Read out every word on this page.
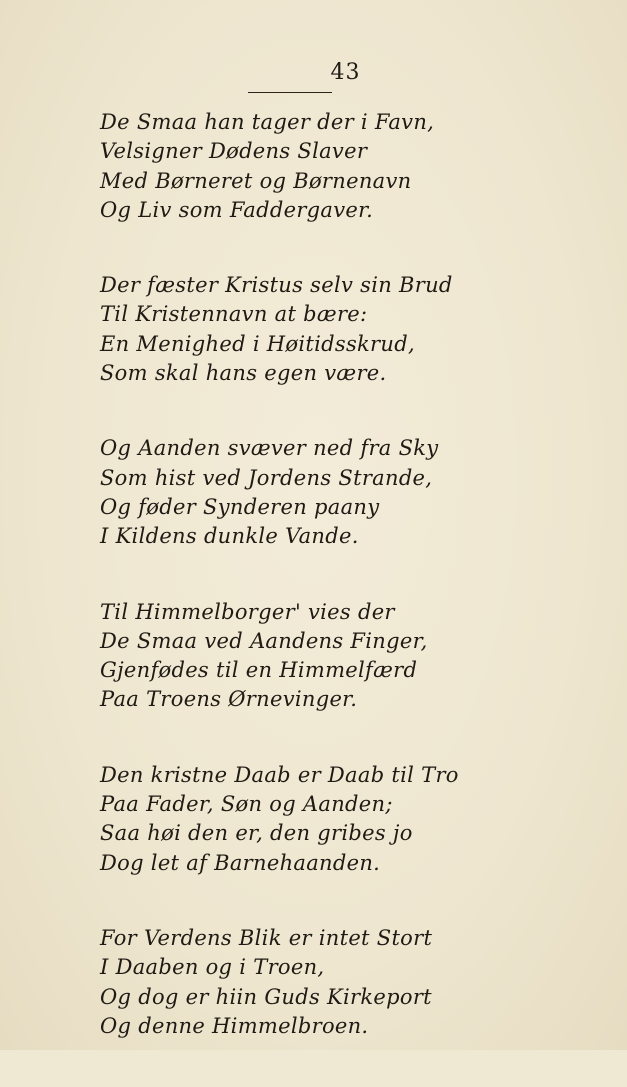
43
De Smaa han tager der i Favn,
Velsigner Dødens Slaver
Med Børneret og Børnenavn
Og Liv som Faddergaver.
Der fæster Kristus selv sin Brud
Til Kristennavn at bære:
En Menighed i Høitidsskrud,
Som skal hans egen være.
Og Aanden svæver ned fra Sky
Som hist ved Jordens Strande,
Og føder Synderen paany
I Kildens dunkle Vande.
Til Himmelborger' vies der
De Smaa ved Aandens Finger,
Gjenfødes til en Himmelfærd
Paa Troens Ørnevinger.
Den kristne Daab er Daab til Tro
Paa Fader, Søn og Aanden;
Saa høi den er, den gribes jo
Dog let af Barnehaanden.
For Verdens Blik er intet Stort
I Daaben og i Troen,
Og dog er hiin Guds Kirkeport
Og denne Himmelbroen.
